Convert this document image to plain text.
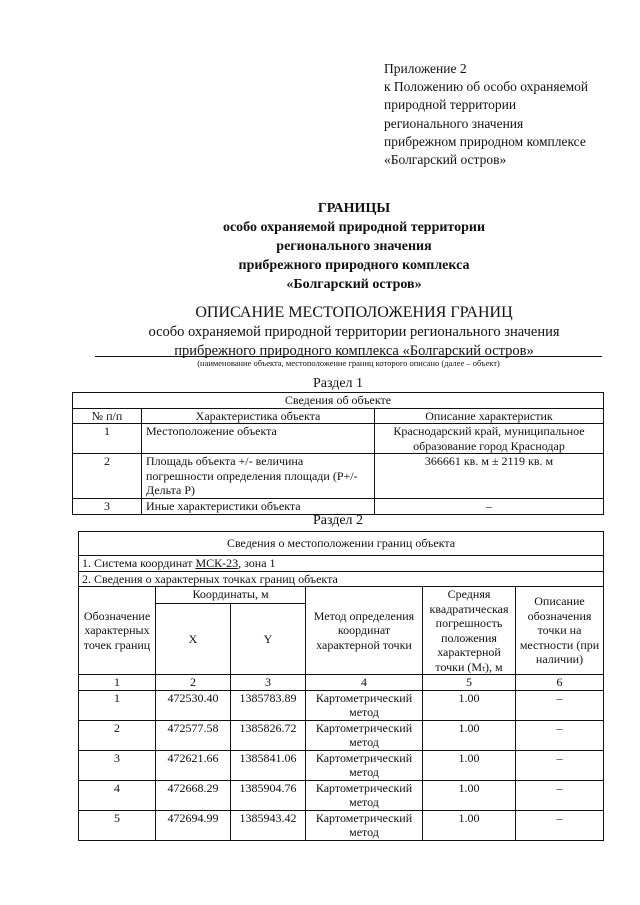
Приложение 2
к Положению об особо охраняемой
природной территории
регионального значения
прибрежном природном комплексе
«Болгарский остров»
ГРАНИЦЫ
особо охраняемой природной территории
регионального значения
прибрежного природного комплекса
«Болгарский остров»
ОПИСАНИЕ МЕСТОПОЛОЖЕНИЯ ГРАНИЦ
особо охраняемой природной территории регионального значения
прибрежного природного комплекса «Болгарский остров»
(наименование объекта, местоположение границ которого описано (далее – объект)
Раздел 1
Сведения об объекте		
№ п/п	Характеристика объекта	Описание характеристик
1	Местоположение объекта	Краснодарский край, муниципальное образование город Краснодар
2	Площадь объекта +/- величина погрешности определения площади (P+/- Дельта P)	366661 кв. м ± 2119 кв. м
3	Иные характеристики объекта	–
Раздел 2
Сведения о местоположении границ объекта					
1. Система координат МСК-23, зона 1					
2. Сведения о характерных точках границ объекта					
Обозначение характерных точек границ	Координаты, м		Метод определения координат характерной точки	Средняя квадратическая погрешность положения характерной точки (Mₜ), м	Описание обозначения точки на местности (при наличии)
	X	Y			
1	2	3	4	5	6
1	472530.40	1385783.89	Картометрический метод	1.00	–
2	472577.58	1385826.72	Картометрический метод	1.00	–
3	472621.66	1385841.06	Картометрический метод	1.00	–
4	472668.29	1385904.76	Картометрический метод	1.00	–
5	472694.99	1385943.42	Картометрический метод	1.00	–
